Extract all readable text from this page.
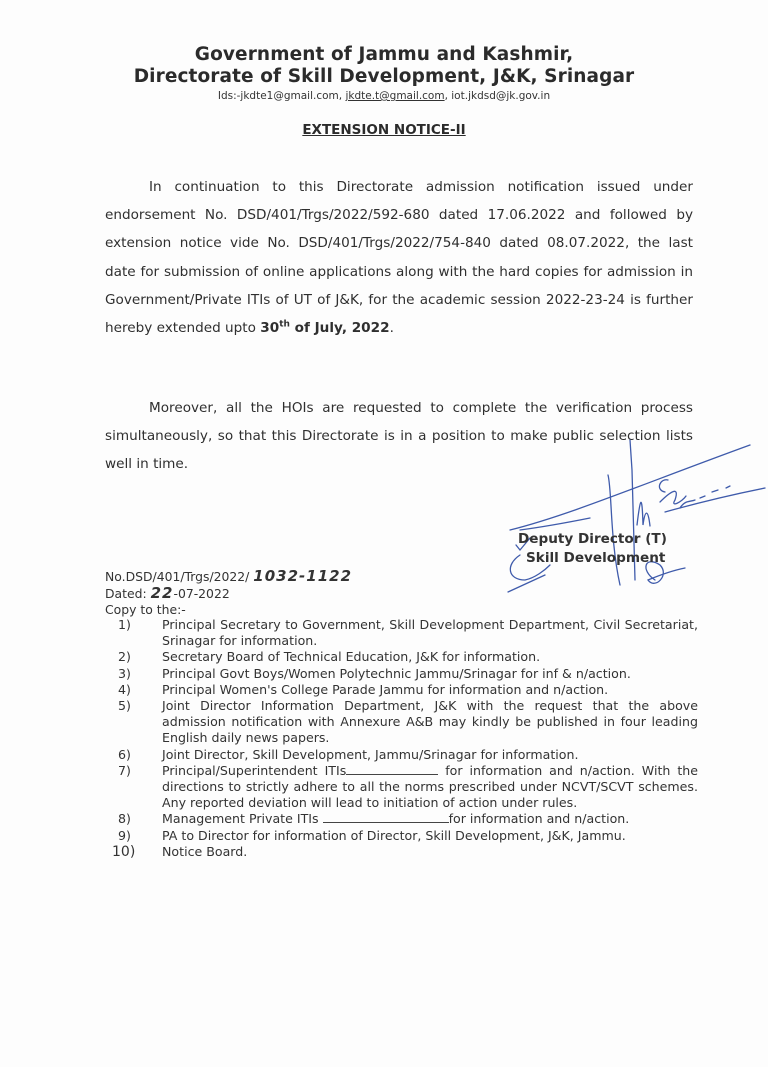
Government of Jammu and Kashmir,
Directorate of Skill Development, J&K, Srinagar
Ids:-jkdte1@gmail.com, jkdte.t@gmail.com, iot.jkdsd@jk.gov.in
EXTENSION NOTICE-II
In continuation to this Directorate admission notification issued under endorsement No. DSD/401/Trgs/2022/592-680 dated 17.06.2022 and followed by extension notice vide No. DSD/401/Trgs/2022/754-840 dated 08.07.2022, the last date for submission of online applications along with the hard copies for admission in Government/Private ITIs of UT of J&K, for the academic session 2022-23-24 is further hereby extended upto 30th of July, 2022.
Moreover, all the HOIs are requested to complete the verification process simultaneously, so that this Directorate is in a position to make public selection lists well in time.
Deputy Director (T)
Skill Development
No.DSD/401/Trgs/2022/ 1032-1122
Dated: 22-07-2022
Copy to the:-
1) Principal Secretary to Government, Skill Development Department, Civil Secretariat, Srinagar for information.
2) Secretary Board of Technical Education, J&K for information.
3) Principal Govt Boys/Women Polytechnic Jammu/Srinagar for inf & n/action.
4) Principal Women's College Parade Jammu for information and n/action.
5) Joint Director Information Department, J&K with the request that the above admission notification with Annexure A&B may kindly be published in four leading English daily news papers.
6) Joint Director, Skill Development, Jammu/Srinagar for information.
7) Principal/Superintendent ITIs	for information and n/action. With the directions to strictly adhere to all the norms prescribed under NCVT/SCVT schemes. Any reported deviation will lead to initiation of action under rules.
8) Management Private ITIs	for information and n/action.
9) PA to Director for information of Director, Skill Development, J&K, Jammu.
10) Notice Board.
